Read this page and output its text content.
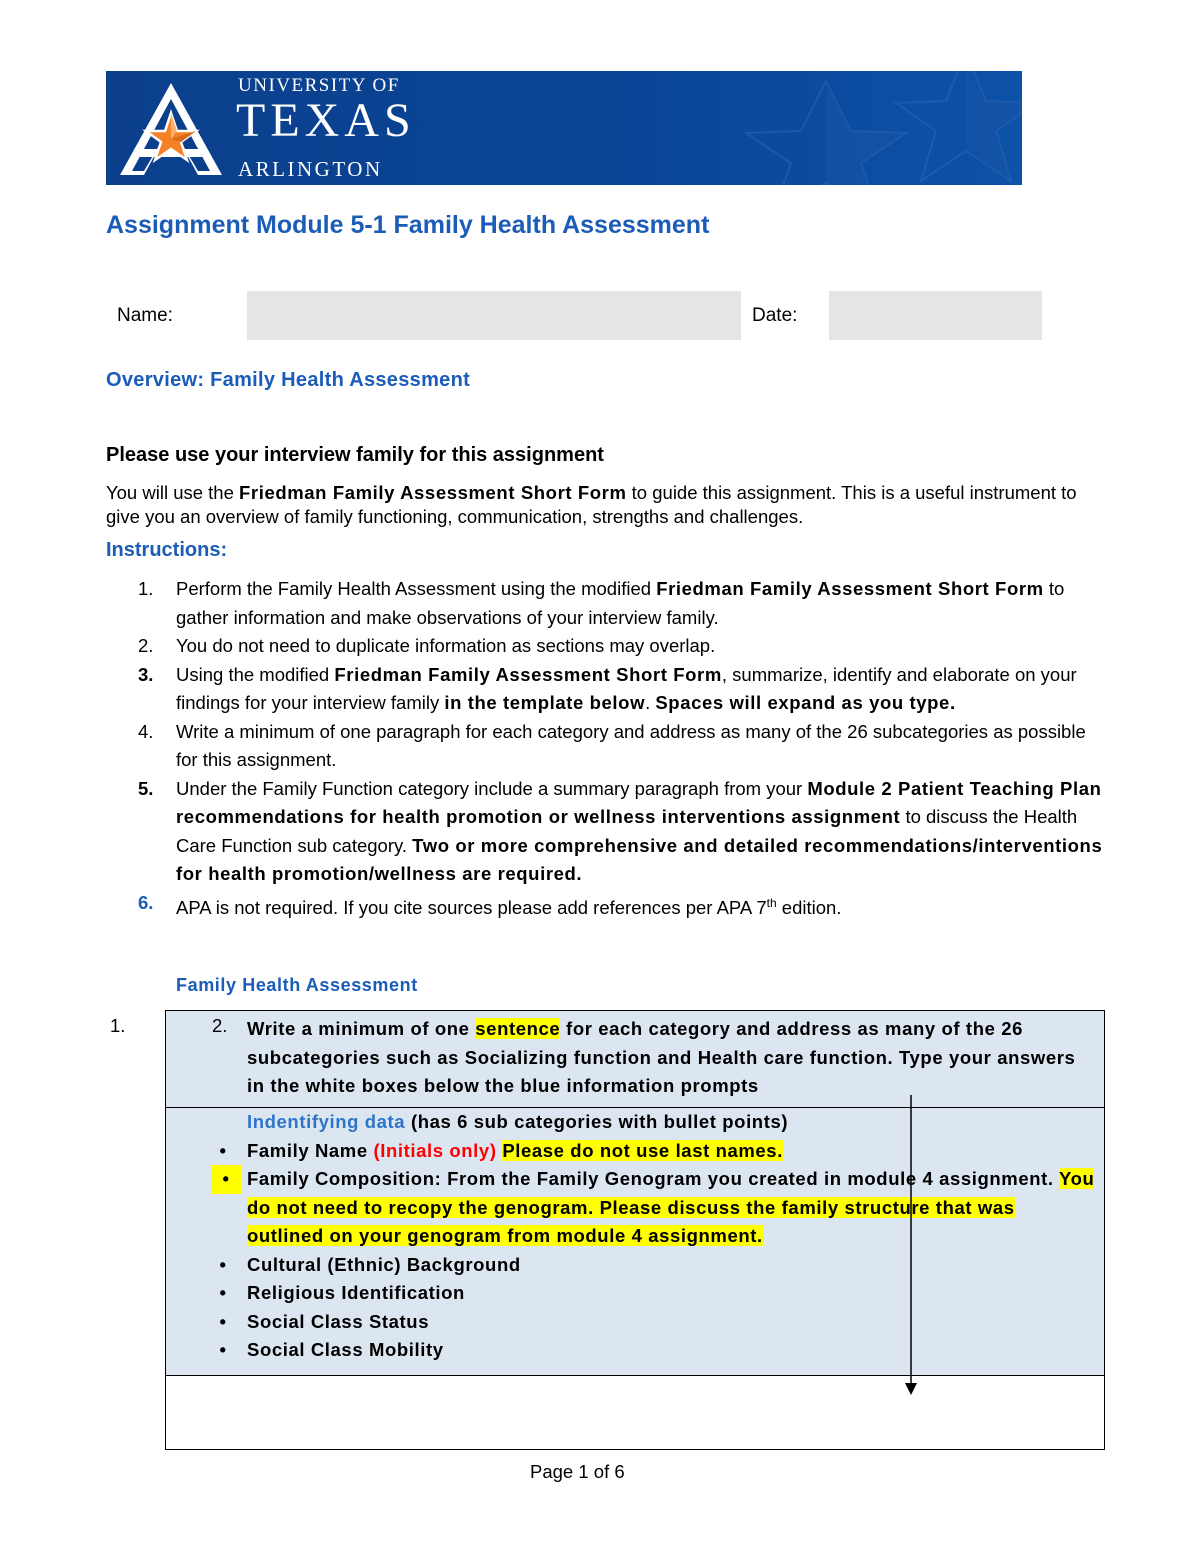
UNIVERSITY OF
TEXAS
ARLINGTON
Assignment Module 5-1 Family Health Assessment
Name:	Date:
Overview: Family Health Assessment
Please use your interview family for this assignment
You will use the Friedman Family Assessment Short Form to guide this assignment. This is a useful instrument to give you an overview of family functioning, communication, strengths and challenges.
Instructions:
1. Perform the Family Health Assessment using the modified Friedman Family Assessment Short Form to gather information and make observations of your interview family.
2. You do not need to duplicate information as sections may overlap.
3. Using the modified Friedman Family Assessment Short Form, summarize, identify and elaborate on your findings for your interview family in the template below. Spaces will expand as you type.
4. Write a minimum of one paragraph for each category and address as many of the 26 subcategories as possible for this assignment.
5. Under the Family Function category include a summary paragraph from your Module 2 Patient Teaching Plan recommendations for health promotion or wellness interventions assignment to discuss the Health Care Function sub category. Two or more comprehensive and detailed recommendations/interventions for health promotion/wellness are required.
6. APA is not required. If you cite sources please add references per APA 7th edition.
Family Health Assessment
1.	2. Write a minimum of one sentence for each category and address as many of the 26 subcategories such as Socializing function and Health care function. Type your answers in the white boxes below the blue information prompts
Indentifying data (has 6 sub categories with bullet points)
•	Family Name (Initials only) Please do not use last names.
• Family Composition: From the Family Genogram you created in module 4 assignment. You do not need to recopy the genogram. Please discuss the family structure that was outlined on your genogram from module 4 assignment.
•	Cultural (Ethnic) Background
•	Religious Identification
•	Social Class Status
•	Social Class Mobility
Page 1 of 6
